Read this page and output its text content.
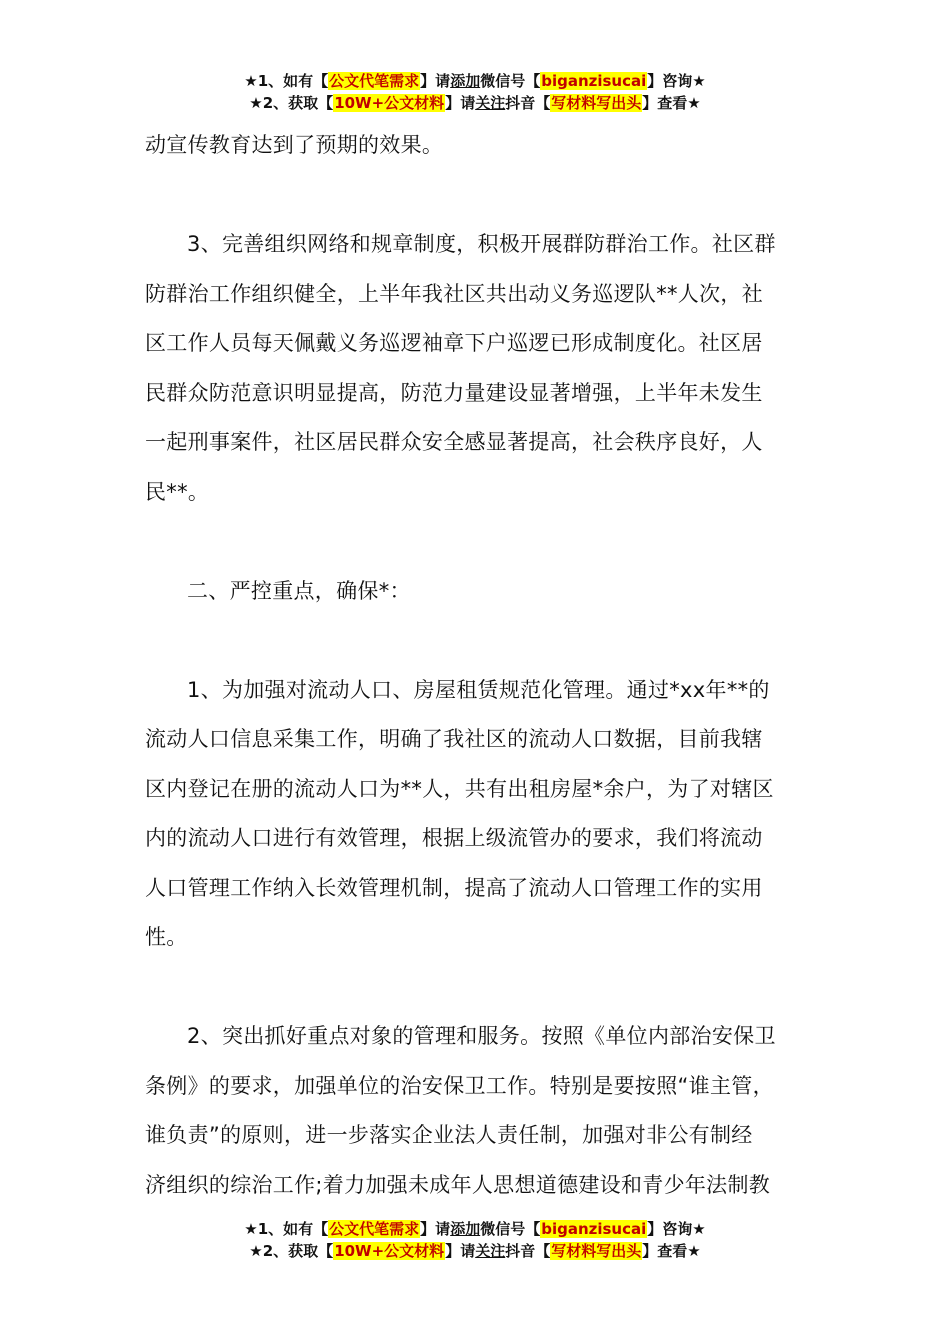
★1、如有【公文代笔需求】请添加微信号【biganzisucai】咨询★
★2、获取【10W+公文材料】请关注抖音【写材料写出头】查看★

动宣传教育达到了预期的效果。

3、完善组织网络和规章制度，积极开展群防群治工作。社区群
防群治工作组织健全，上半年我社区共出动义务巡逻队**人次，社
区工作人员每天佩戴义务巡逻袖章下户巡逻已形成制度化。社区居
民群众防范意识明显提高，防范力量建设显著增强，上半年未发生
一起刑事案件，社区居民群众安全感显著提高，社会秩序良好，人
民**。

二、严控重点，确保*：

1、为加强对流动人口、房屋租赁规范化管理。通过*xx年**的
流动人口信息采集工作，明确了我社区的流动人口数据，目前我辖
区内登记在册的流动人口为**人，共有出租房屋*余户，为了对辖区
内的流动人口进行有效管理，根据上级流管办的要求，我们将流动
人口管理工作纳入长效管理机制，提高了流动人口管理工作的实用
性。

2、突出抓好重点对象的管理和服务。按照《单位内部治安保卫
条例》的要求，加强单位的治安保卫工作。特别是要按照“谁主管，
谁负责”的原则，进一步落实企业法人责任制，加强对非公有制经
济组织的综治工作;着力加强未成年人思想道德建设和青少年法制教

★1、如有【公文代笔需求】请添加微信号【biganzisucai】咨询★
★2、获取【10W+公文材料】请关注抖音【写材料写出头】查看★
